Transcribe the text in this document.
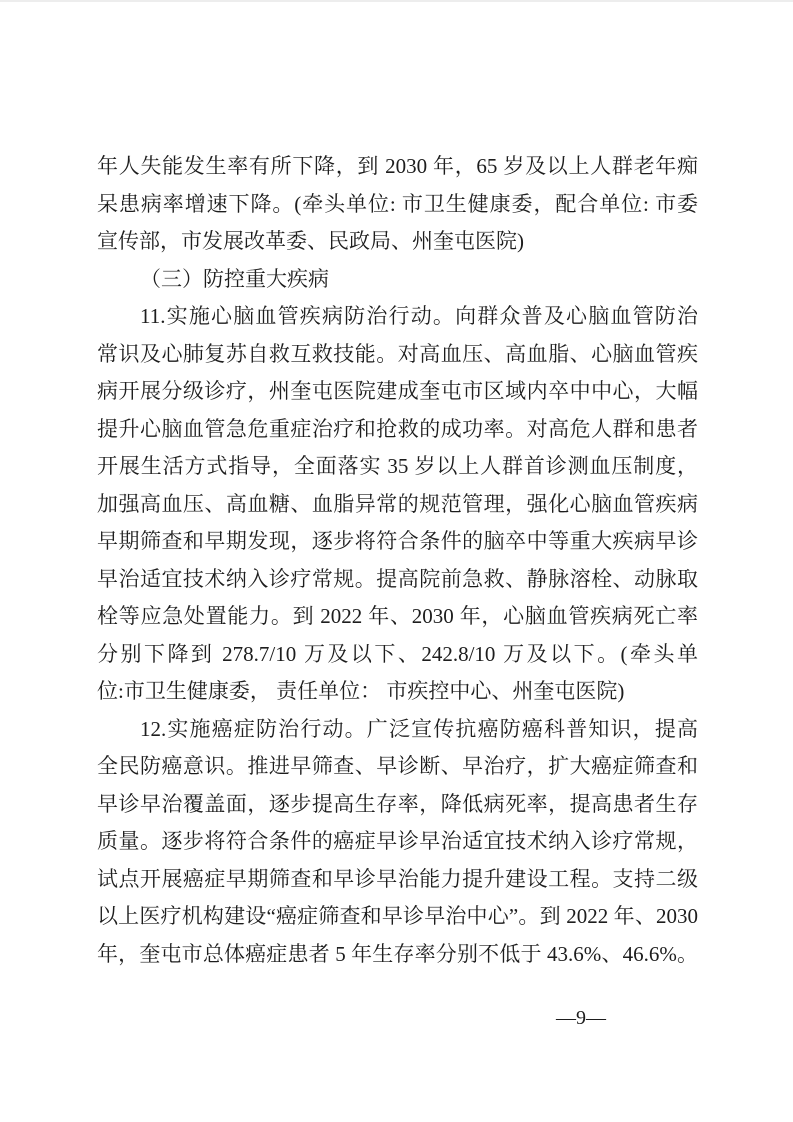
年人失能发生率有所下降，到 2030 年，65 岁及以上人群老年痴
呆患病率增速下降。(牵头单位: 市卫生健康委，配合单位: 市委
宣传部，市发展改革委、民政局、州奎屯医院)
（三）防控重大疾病
11.实施心脑血管疾病防治行动。向群众普及心脑血管防治
常识及心肺复苏自救互救技能。对高血压、高血脂、心脑血管疾
病开展分级诊疗，州奎屯医院建成奎屯市区域内卒中中心，大幅
提升心脑血管急危重症治疗和抢救的成功率。对高危人群和患者
开展生活方式指导，全面落实 35 岁以上人群首诊测血压制度，
加强高血压、高血糖、血脂异常的规范管理，强化心脑血管疾病
早期筛查和早期发现，逐步将符合条件的脑卒中等重大疾病早诊
早治适宜技术纳入诊疗常规。提高院前急救、静脉溶栓、动脉取
栓等应急处置能力。到 2022 年、2030 年，心脑血管疾病死亡率
分别下降到 278.7/10 万及以下、242.8/10 万及以下。(牵头单
位:市卫生健康委， 责任单位： 市疾控中心、州奎屯医院)
12.实施癌症防治行动。广泛宣传抗癌防癌科普知识，提高
全民防癌意识。推进早筛查、早诊断、早治疗，扩大癌症筛查和
早诊早治覆盖面，逐步提高生存率，降低病死率，提高患者生存
质量。逐步将符合条件的癌症早诊早治适宜技术纳入诊疗常规，
试点开展癌症早期筛查和早诊早治能力提升建设工程。支持二级
以上医疗机构建设“癌症筛查和早诊早治中心”。到 2022 年、2030
年，奎屯市总体癌症患者 5 年生存率分别不低于 43.6%、46.6%。
—9—
